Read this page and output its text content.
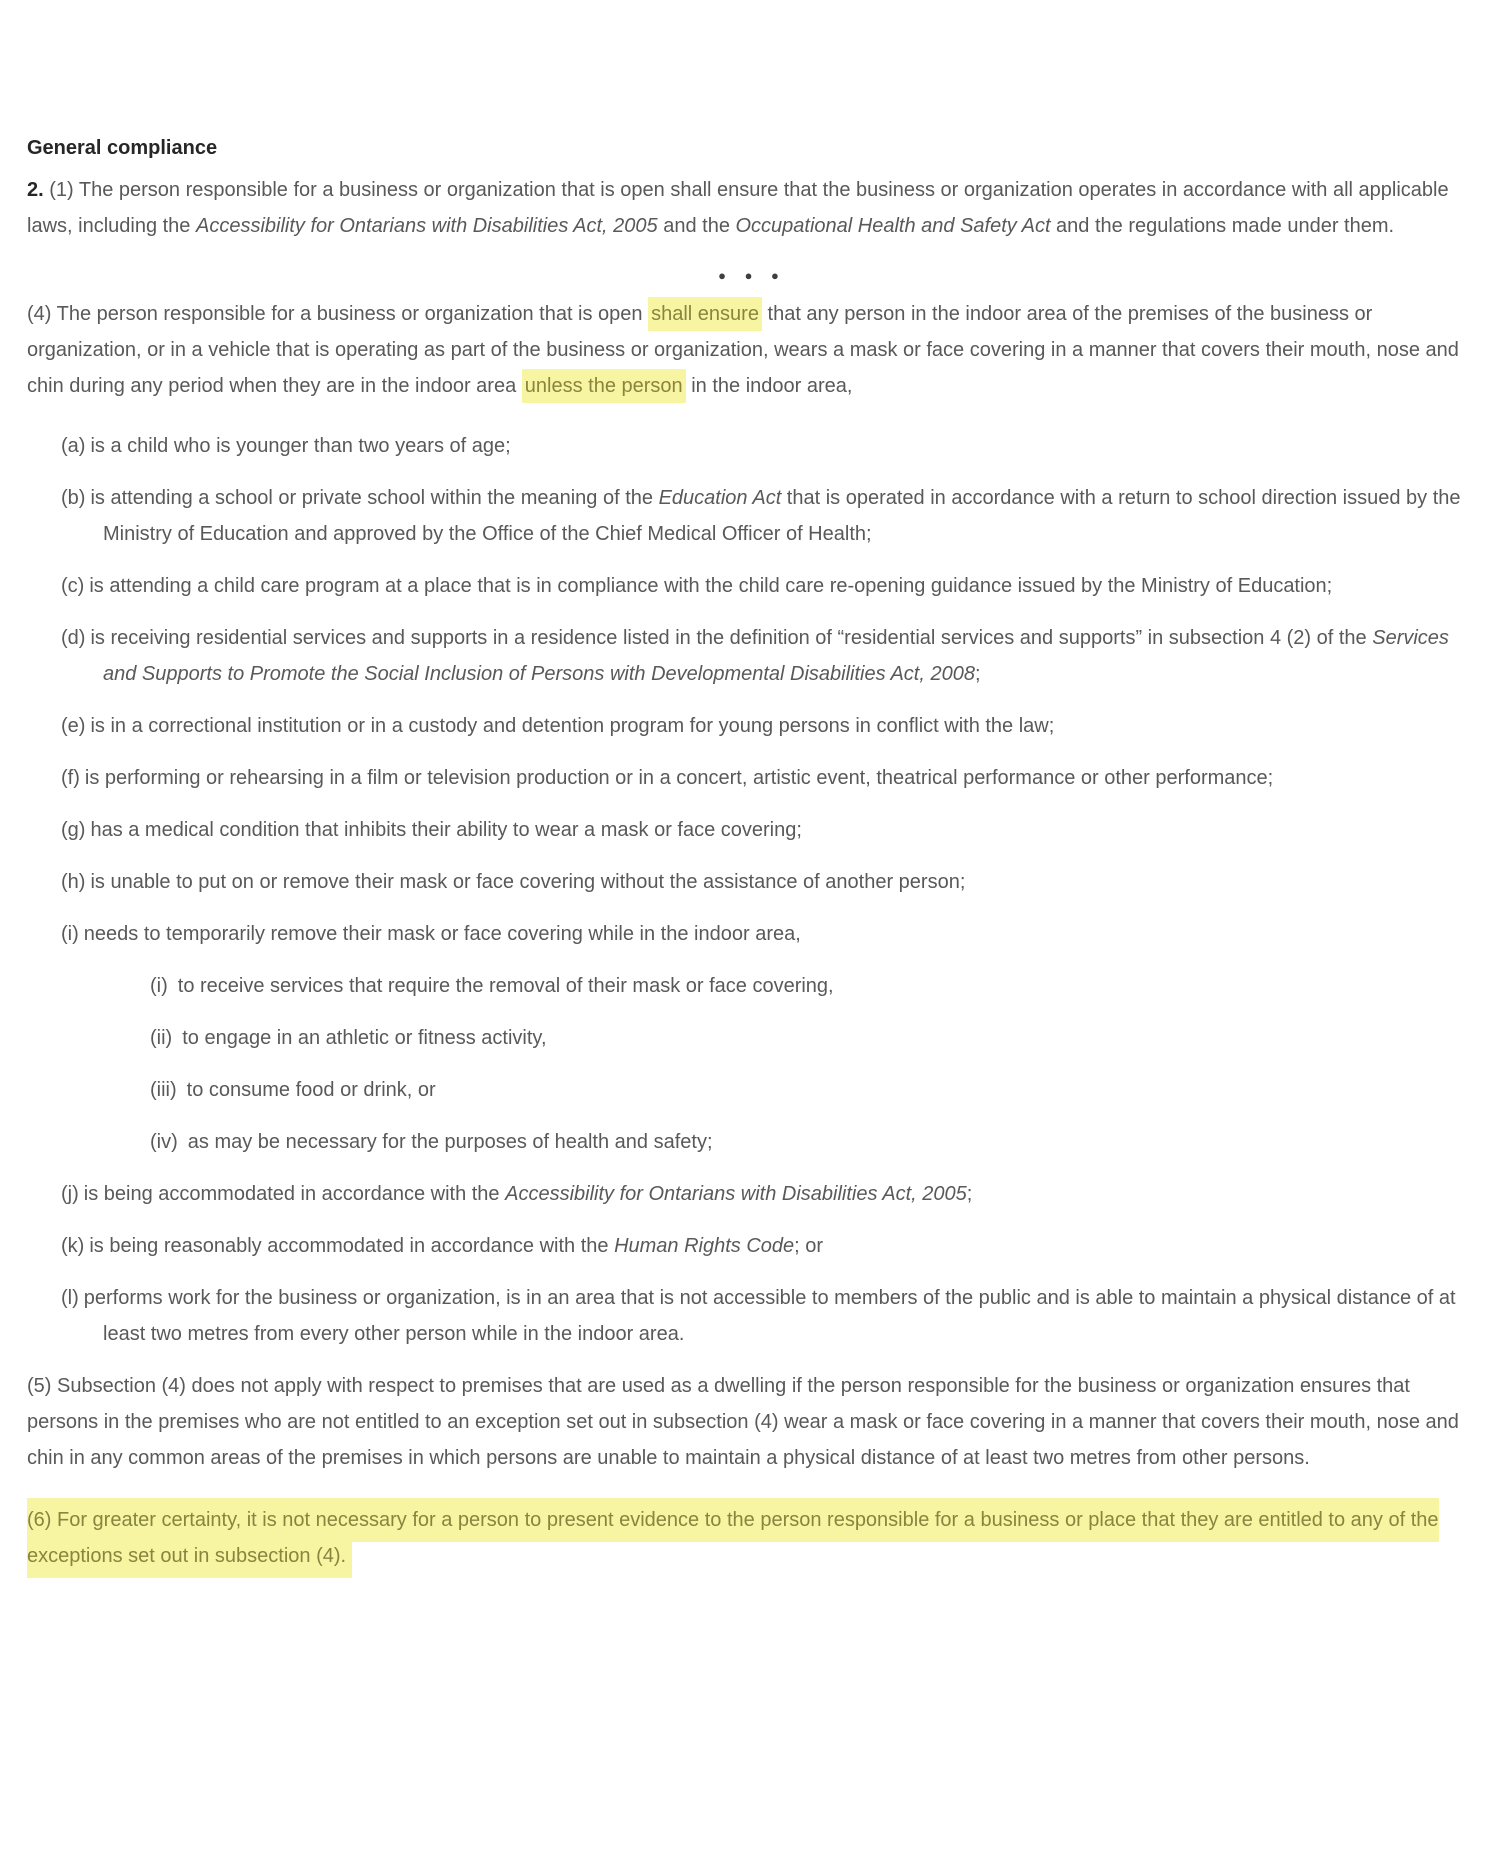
General compliance

2. (1) The person responsible for a business or organization that is open shall ensure that the business or organization operates in accordance with all applicable laws, including the Accessibility for Ontarians with Disabilities Act, 2005 and the Occupational Health and Safety Act and the regulations made under them.

● ● ●

(4) The person responsible for a business or organization that is open shall ensure that any person in the indoor area of the premises of the business or organization, or in a vehicle that is operating as part of the business or organization, wears a mask or face covering in a manner that covers their mouth, nose and chin during any period when they are in the indoor area unless the person in the indoor area,

(a) is a child who is younger than two years of age;

(b) is attending a school or private school within the meaning of the Education Act that is operated in accordance with a return to school direction issued by the Ministry of Education and approved by the Office of the Chief Medical Officer of Health;

(c) is attending a child care program at a place that is in compliance with the child care re-opening guidance issued by the Ministry of Education;

(d) is receiving residential services and supports in a residence listed in the definition of “residential services and supports” in subsection 4 (2) of the Services and Supports to Promote the Social Inclusion of Persons with Developmental Disabilities Act, 2008;

(e) is in a correctional institution or in a custody and detention program for young persons in conflict with the law;

(f) is performing or rehearsing in a film or television production or in a concert, artistic event, theatrical performance or other performance;

(g) has a medical condition that inhibits their ability to wear a mask or face covering;

(h) is unable to put on or remove their mask or face covering without the assistance of another person;

(i) needs to temporarily remove their mask or face covering while in the indoor area,

(i) to receive services that require the removal of their mask or face covering,

(ii) to engage in an athletic or fitness activity,

(iii) to consume food or drink, or

(iv) as may be necessary for the purposes of health and safety;

(j) is being accommodated in accordance with the Accessibility for Ontarians with Disabilities Act, 2005;

(k) is being reasonably accommodated in accordance with the Human Rights Code; or

(l) performs work for the business or organization, is in an area that is not accessible to members of the public and is able to maintain a physical distance of at least two metres from every other person while in the indoor area.

(5) Subsection (4) does not apply with respect to premises that are used as a dwelling if the person responsible for the business or organization ensures that persons in the premises who are not entitled to an exception set out in subsection (4) wear a mask or face covering in a manner that covers their mouth, nose and chin in any common areas of the premises in which persons are unable to maintain a physical distance of at least two metres from other persons.

(6) For greater certainty, it is not necessary for a person to present evidence to the person responsible for a business or place that they are entitled to any of the exceptions set out in subsection (4).
